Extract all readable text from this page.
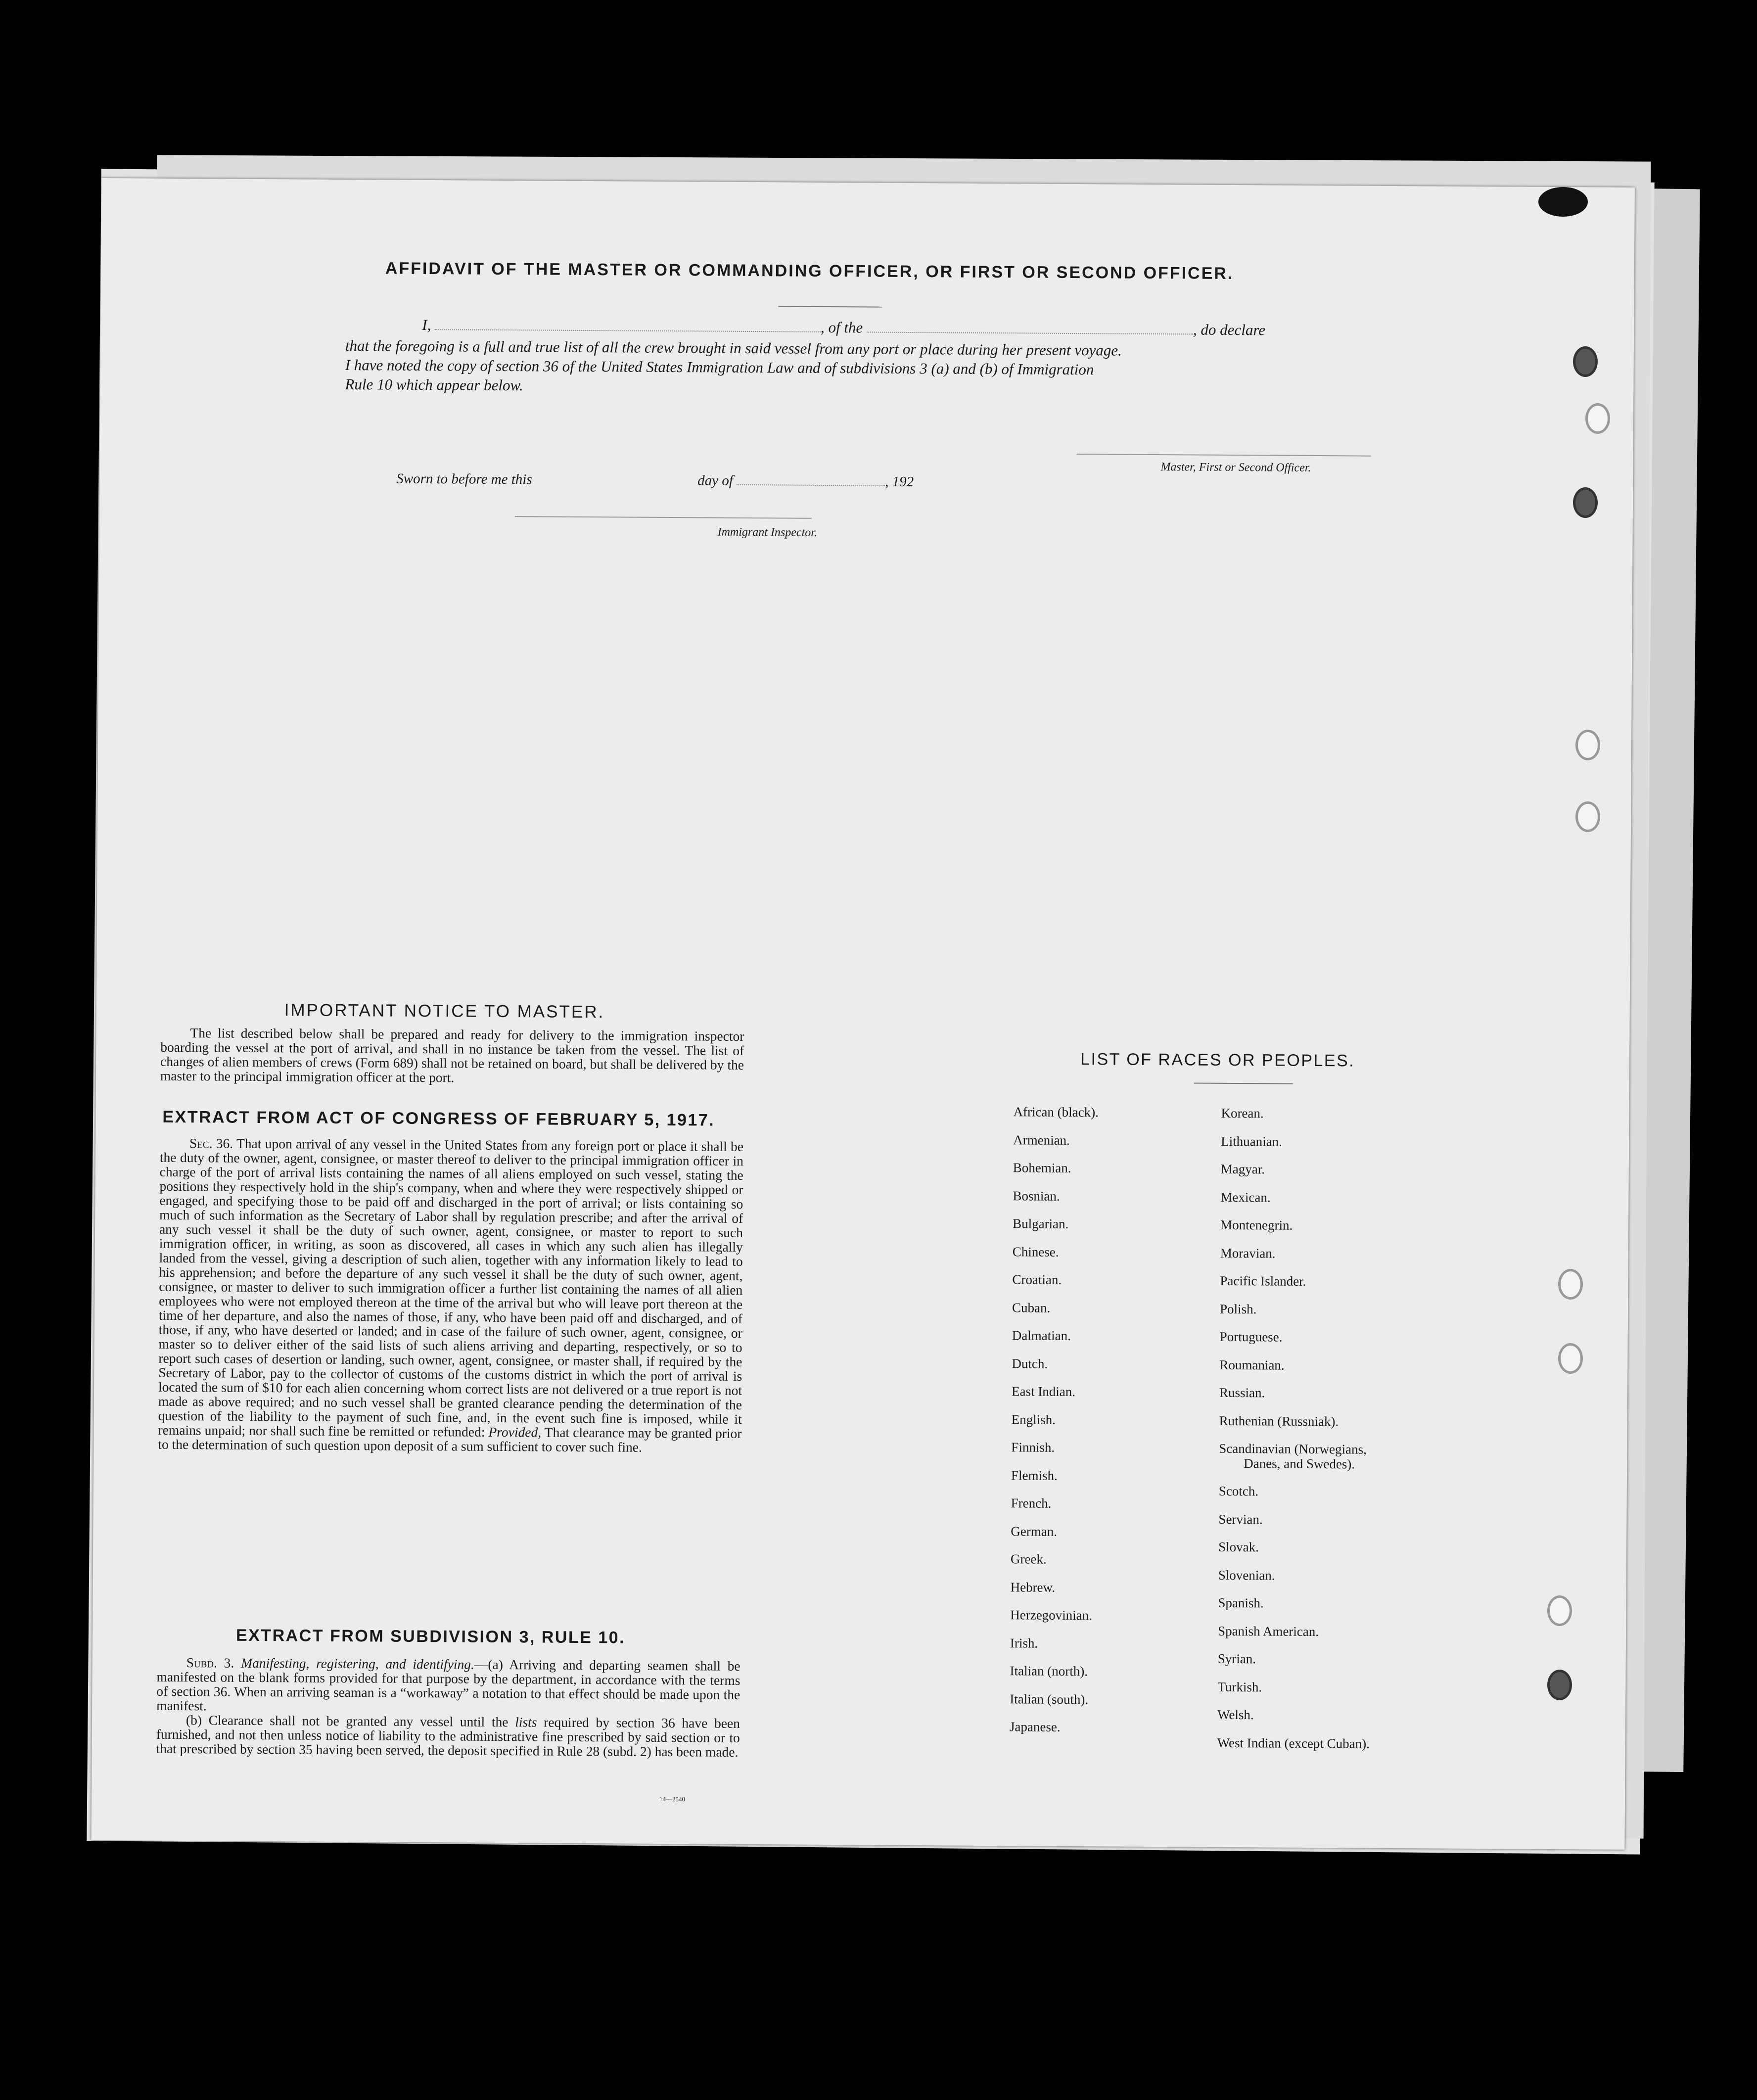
AFFIDAVIT OF THE MASTER OR COMMANDING OFFICER, OR FIRST OR SECOND OFFICER.
I,	, of the	, do declare
that the foregoing is a full and true list of all the crew brought in said vessel from any port or place during her present voyage.
I have noted the copy of section 36 of the United States Immigration Law and of subdivisions 3 (a) and (b) of Immigration
Rule 10 which appear below.
Master, First or Second Officer.
Sworn to before me this	day of	, 192
Immigrant Inspector.
IMPORTANT NOTICE TO MASTER.

The list described below shall be prepared and ready for delivery to the immigration inspector boarding the vessel at the port of arrival, and shall in no instance be taken from the vessel. The list of changes of alien members of crews (Form 689) shall not be retained on board, but shall be delivered by the master to the principal immigration officer at the port.

EXTRACT FROM ACT OF CONGRESS OF FEBRUARY 5, 1917.

Sec. 36. That upon arrival of any vessel in the United States from any foreign port or place it shall be the duty of the owner, agent, consignee, or master thereof to deliver to the principal immigration officer in charge of the port of arrival lists containing the names of all aliens employed on such vessel, stating the positions they respectively hold in the ship's company, when and where they were respectively shipped or engaged, and specifying those to be paid off and discharged in the port of arrival; or lists containing so much of such information as the Secretary of Labor shall by regulation prescribe; and after the arrival of any such vessel it shall be the duty of such owner, agent, consignee, or master to report to such immigration officer, in writing, as soon as discovered, all cases in which any such alien has illegally landed from the vessel, giving a description of such alien, together with any information likely to lead to his apprehension; and before the departure of any such vessel it shall be the duty of such owner, agent, consignee, or master to deliver to such immigration officer a further list containing the names of all alien employees who were not employed thereon at the time of the arrival but who will leave port thereon at the time of her departure, and also the names of those, if any, who have been paid off and discharged, and of those, if any, who have deserted or landed; and in case of the failure of such owner, agent, consignee, or master so to deliver either of the said lists of such aliens arriving and departing, respectively, or so to report such cases of desertion or landing, such owner, agent, consignee, or master shall, if required by the Secretary of Labor, pay to the collector of customs of the customs district in which the port of arrival is located the sum of $10 for each alien concerning whom correct lists are not delivered or a true report is not made as above required; and no such vessel shall be granted clearance pending the determination of the question of the liability to the payment of such fine, and, in the event such fine is imposed, while it remains unpaid; nor shall such fine be remitted or refunded: Provided, That clearance may be granted prior to the determination of such question upon deposit of a sum sufficient to cover such fine.

EXTRACT FROM SUBDIVISION 3, RULE 10.

Subd. 3. Manifesting, registering, and identifying.—(a) Arriving and departing seamen shall be manifested on the blank forms provided for that purpose by the department, in accordance with the terms of section 36. When an arriving seaman is a “workaway” a notation to that effect should be made upon the manifest.

(b) Clearance shall not be granted any vessel until the lists required by section 36 have been furnished, and not then unless notice of liability to the administrative fine prescribed by said section or to that prescribed by section 35 having been served, the deposit specified in Rule 28 (subd. 2) has been made.

14—2540
LIST OF RACES OR PEOPLES.
African (black).
Armenian.
Bohemian.
Bosnian.
Bulgarian.
Chinese.
Croatian.
Cuban.
Dalmatian.
Dutch.
East Indian.
English.
Finnish.
Flemish.
French.
German.
Greek.
Hebrew.
Herzegovinian.
Irish.
Italian (north).
Italian (south).
Japanese.
Korean.
Lithuanian.
Magyar.
Mexican.
Montenegrin.
Moravian.
Pacific Islander.
Polish.
Portuguese.
Roumanian.
Russian.
Ruthenian (Russniak).
Scandinavian (Norwegians,
Danes, and Swedes).
Scotch.
Servian.
Slovak.
Slovenian.
Spanish.
Spanish American.
Syrian.
Turkish.
Welsh.
West Indian (except Cuban).
